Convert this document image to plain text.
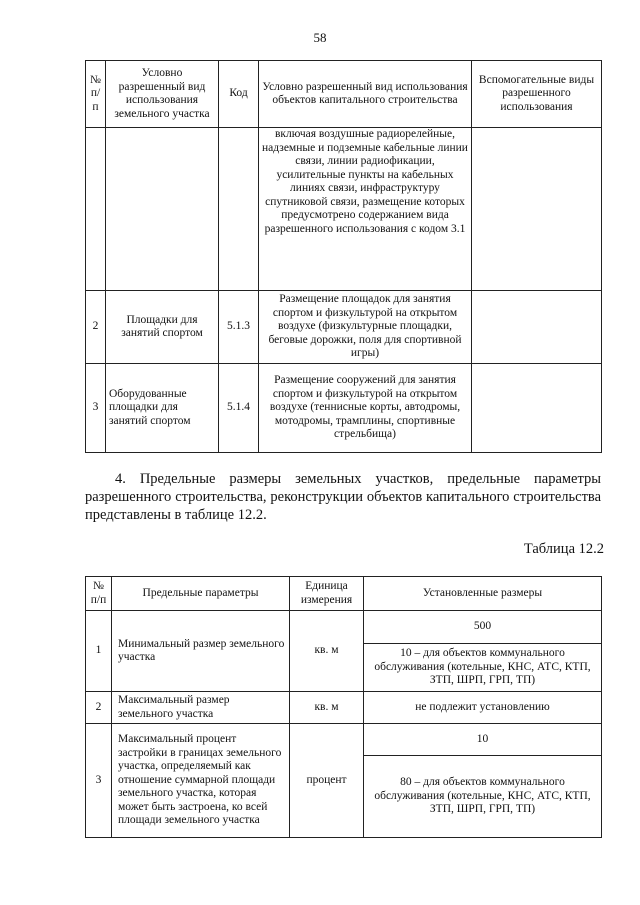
58
№ п/п	Условно разрешенный вид использования земельного участка	Код	Условно разрешенный вид использования объектов капитального строительства	Вспомогательные виды разрешенного использования
			включая воздушные радиорелейные, надземные и подземные кабельные линии связи, линии радиофикации, усилительные пункты на кабельных линиях связи, инфраструктуру спутниковой связи, размещение которых предусмотрено содержанием вида разрешенного использования с кодом 3.1	
2	Площадки для занятий спортом	5.1.3	Размещение площадок для занятия спортом и физкультурой на открытом воздухе (физкультурные площадки, беговые дорожки, поля для спортивной игры)	
3	Оборудованные площадки для занятий спортом	5.1.4	Размещение сооружений для занятия спортом и физкультурой на открытом воздухе (теннисные корты, автодромы, мотодромы, трамплины, спортивные стрельбища)	
4. Предельные размеры земельных участков, предельные параметры разрешенного строительства, реконструкции объектов капитального строительства представлены в таблице 12.2.
Таблица 12.2
№ п/п	Предельные параметры	Единица измерения	Установленные размеры
1	Минимальный размер земельного участка	кв. м	500
			10 – для объектов коммунального обслуживания (котельные, КНС, АТС, КТП, ЗТП, ШРП, ГРП, ТП)
2	Максимальный размер земельного участка	кв. м	не подлежит установлению
3	Максимальный процент застройки в границах земельного участка, определяемый как отношение суммарной площади земельного участка, которая может быть застроена, ко всей площади земельного участка	процент	10
			80 – для объектов коммунального обслуживания (котельные, КНС, АТС, КТП, ЗТП, ШРП, ГРП, ТП)
